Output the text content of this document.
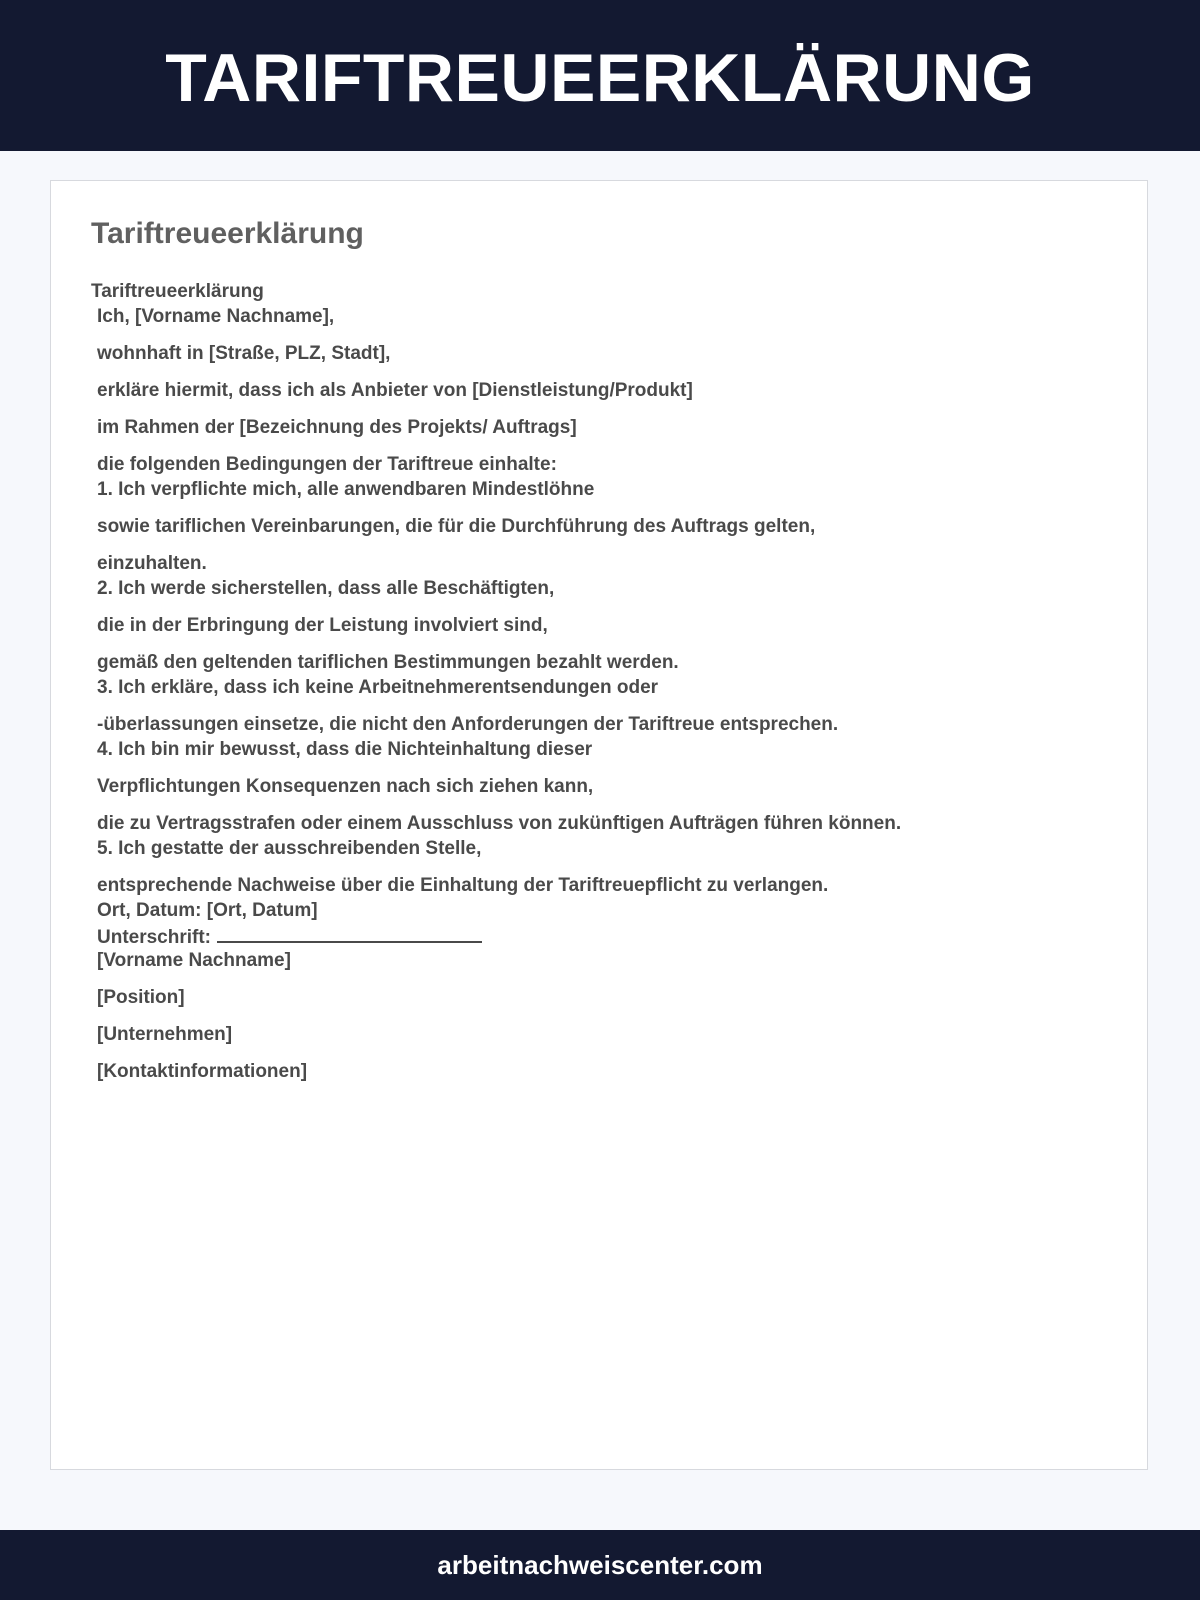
TARIFTREUEERKLÄRUNG
Tariftreueerklärung
Tariftreueerklärung
Ich, [Vorname Nachname],
wohnhaft in [Straße, PLZ, Stadt],
erkläre hiermit, dass ich als Anbieter von [Dienstleistung/Produkt]
im Rahmen der [Bezeichnung des Projekts/ Auftrags]
die folgenden Bedingungen der Tariftreue einhalte:
1. Ich verpflichte mich, alle anwendbaren Mindestlöhne
sowie tariflichen Vereinbarungen, die für die Durchführung des Auftrags gelten,
einzuhalten.
2. Ich werde sicherstellen, dass alle Beschäftigten,
die in der Erbringung der Leistung involviert sind,
gemäß den geltenden tariflichen Bestimmungen bezahlt werden.
3. Ich erkläre, dass ich keine Arbeitnehmerentsendungen oder
-überlassungen einsetze, die nicht den Anforderungen der Tariftreue entsprechen.
4. Ich bin mir bewusst, dass die Nichteinhaltung dieser
Verpflichtungen Konsequenzen nach sich ziehen kann,
die zu Vertragsstrafen oder einem Ausschluss von zukünftigen Aufträgen führen können.
5. Ich gestatte der ausschreibenden Stelle,
entsprechende Nachweise über die Einhaltung der Tariftreuepflicht zu verlangen.
Ort, Datum: [Ort, Datum]
Unterschrift:
[Vorname Nachname]
[Position]
[Unternehmen]
[Kontaktinformationen]
arbeitnachweiscenter.com
